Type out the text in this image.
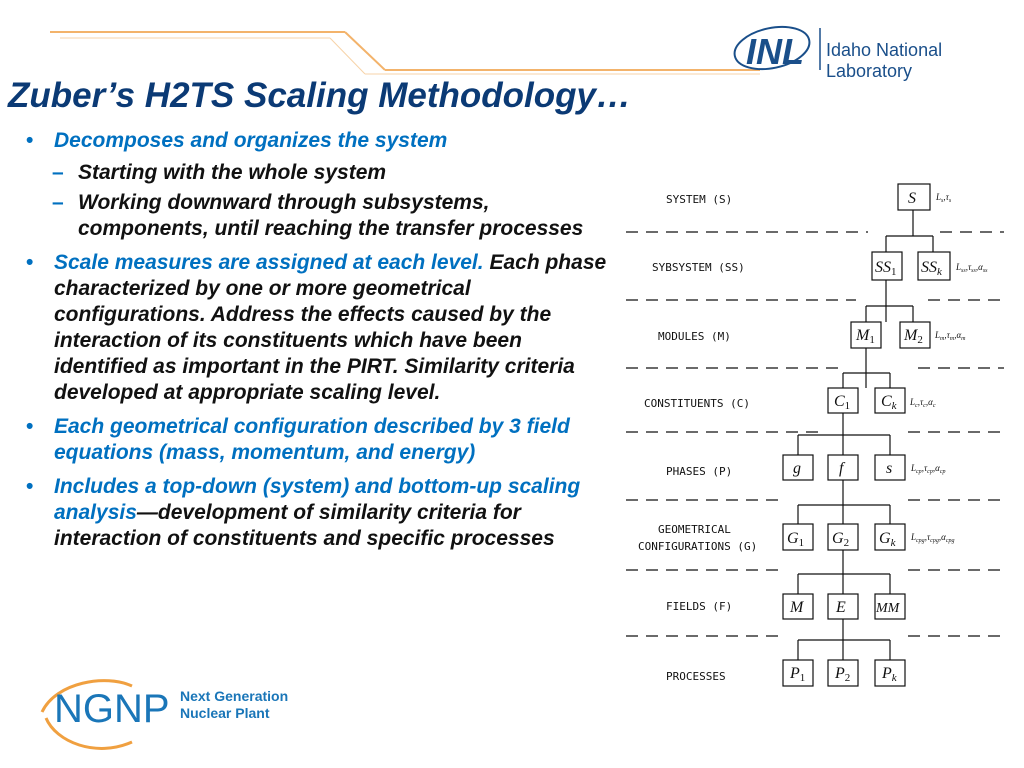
INL Idaho National Laboratory
Zuber’s H2TS Scaling Methodology…
• Decomposes and organizes the system
– Starting with the whole system
– Working downward through subsystems, components, until reaching the transfer processes
• Scale measures are assigned at each level. Each phase characterized by one or more geometrical configurations. Address the effects caused by the interaction of its constituents which have been identified as important in the PIRT. Similarity criteria developed at appropriate scaling level.
• Each geometrical configuration described by 3 field equations (mass, momentum, and energy)
• Includes a top-down (system) and bottom-up scaling analysis—development of similarity criteria for interaction of constituents and specific processes
SYSTEM (S)
SYBSYSTEM (SS)
MODULES (M)
CONSTITUENTS (C)
PHASES (P)
GEOMETRICAL
CONFIGURATIONS (G)
FIELDS (F)
PROCESSES
S
SS1 SSk
M1 M2
C1 Ck
g f	s
G1 G2 Gk
M E MM
P1 P2 Pk
$L_s,\tau_s$
$L_{ss},\tau_{ss},\alpha_{ss}$
$L_m,\tau_m,\alpha_m$
$L_c,\tau_c,\alpha_c$
$L_{cp},\tau_{cp},\alpha_{cp}$
$L_{cpg},\tau_{cpg},\alpha_{cpg}$
NGNP Next Generation
Nuclear Plant
